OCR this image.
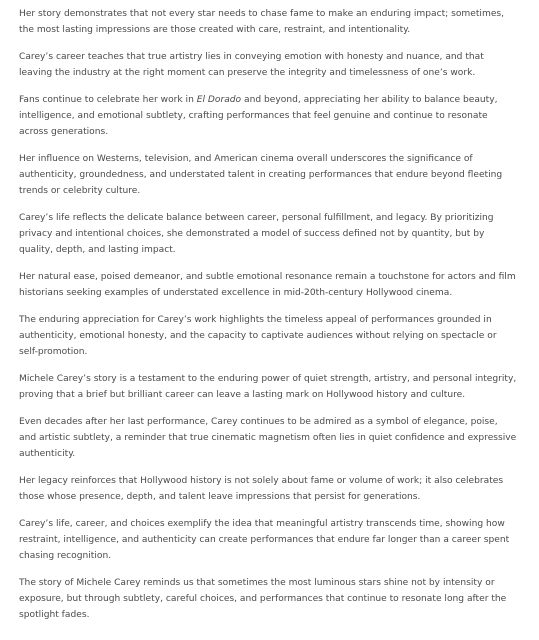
Her story demonstrates that not every star needs to chase fame to make an enduring impact; sometimes, the most lasting impressions are those created with care, restraint, and intentionality.

Carey’s career teaches that true artistry lies in conveying emotion with honesty and nuance, and that leaving the industry at the right moment can preserve the integrity and timelessness of one’s work.

Fans continue to celebrate her work in El Dorado and beyond, appreciating her ability to balance beauty, intelligence, and emotional subtlety, crafting performances that feel genuine and continue to resonate across generations.

Her influence on Westerns, television, and American cinema overall underscores the significance of authenticity, groundedness, and understated talent in creating performances that endure beyond fleeting trends or celebrity culture.

Carey’s life reflects the delicate balance between career, personal fulfillment, and legacy. By prioritizing privacy and intentional choices, she demonstrated a model of success defined not by quantity, but by quality, depth, and lasting impact.

Her natural ease, poised demeanor, and subtle emotional resonance remain a touchstone for actors and film historians seeking examples of understated excellence in mid-20th-century Hollywood cinema.

The enduring appreciation for Carey’s work highlights the timeless appeal of performances grounded in authenticity, emotional honesty, and the capacity to captivate audiences without relying on spectacle or self-promotion.

Michele Carey’s story is a testament to the enduring power of quiet strength, artistry, and personal integrity, proving that a brief but brilliant career can leave a lasting mark on Hollywood history and culture.

Even decades after her last performance, Carey continues to be admired as a symbol of elegance, poise, and artistic subtlety, a reminder that true cinematic magnetism often lies in quiet confidence and expressive authenticity.

Her legacy reinforces that Hollywood history is not solely about fame or volume of work; it also celebrates those whose presence, depth, and talent leave impressions that persist for generations.

Carey’s life, career, and choices exemplify the idea that meaningful artistry transcends time, showing how restraint, intelligence, and authenticity can create performances that endure far longer than a career spent chasing recognition.

The story of Michele Carey reminds us that sometimes the most luminous stars shine not by intensity or exposure, but through subtlety, careful choices, and performances that continue to resonate long after the spotlight fades.
